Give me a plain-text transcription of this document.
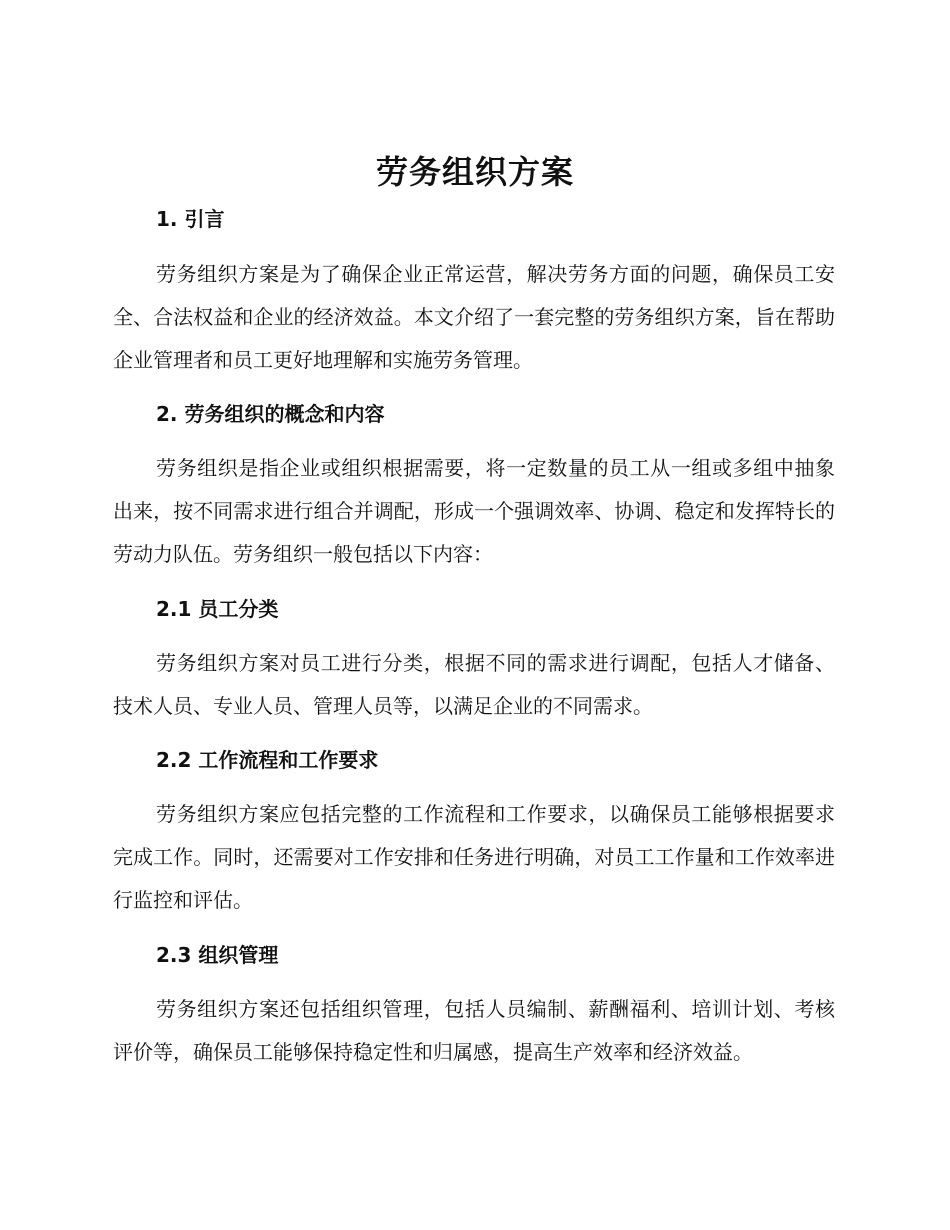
劳务组织方案
1. 引言

劳务组织方案是为了确保企业正常运营，解决劳务方面的问题，确保员工安全、合法权益和企业的经济效益。本文介绍了一套完整的劳务组织方案，旨在帮助企业管理者和员工更好地理解和实施劳务管理。

2. 劳务组织的概念和内容

劳务组织是指企业或组织根据需要，将一定数量的员工从一组或多组中抽象出来，按不同需求进行组合并调配，形成一个强调效率、协调、稳定和发挥特长的劳动力队伍。劳务组织一般包括以下内容：

2.1 员工分类

劳务组织方案对员工进行分类，根据不同的需求进行调配，包括人才储备、技术人员、专业人员、管理人员等，以满足企业的不同需求。

2.2 工作流程和工作要求

劳务组织方案应包括完整的工作流程和工作要求，以确保员工能够根据要求完成工作。同时，还需要对工作安排和任务进行明确，对员工工作量和工作效率进行监控和评估。

2.3 组织管理

劳务组织方案还包括组织管理，包括人员编制、薪酬福利、培训计划、考核评价等，确保员工能够保持稳定性和归属感，提高生产效率和经济效益。
